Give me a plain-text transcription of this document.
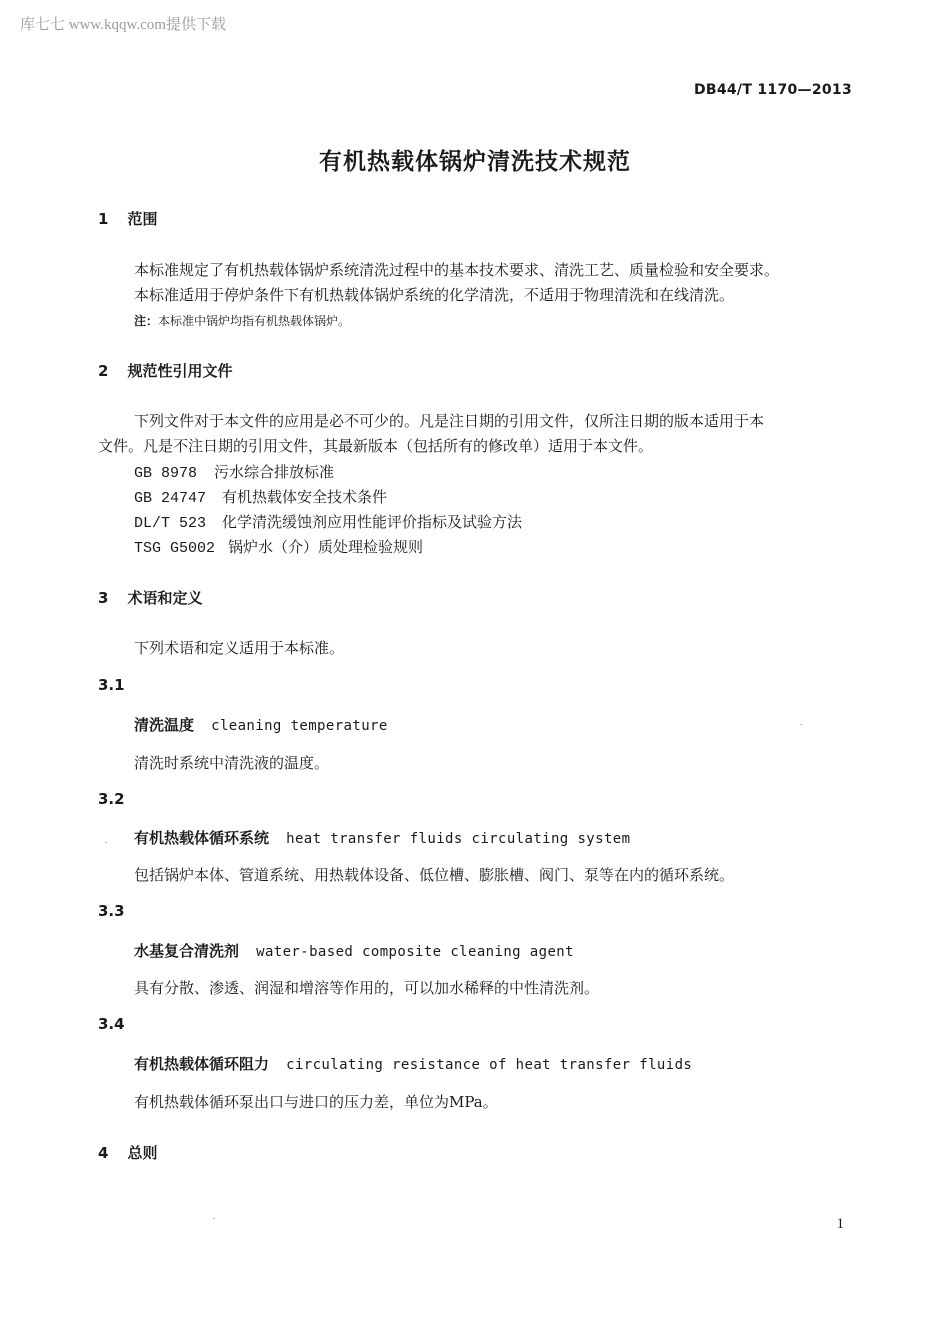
库七七 www.kqqw.com提供下载
DB44/T 1170—2013
有机热载体锅炉清洗技术规范
1 范围
本标准规定了有机热载体锅炉系统清洗过程中的基本技术要求、清洗工艺、质量检验和安全要求。
本标准适用于停炉条件下有机热载体锅炉系统的化学清洗，不适用于物理清洗和在线清洗。
注：本标准中锅炉均指有机热载体锅炉。
2 规范性引用文件
下列文件对于本文件的应用是必不可少的。凡是注日期的引用文件，仅所注日期的版本适用于本
文件。凡是不注日期的引用文件，其最新版本（包括所有的修改单）适用于本文件。
GB 8978 污水综合排放标准
GB 24747 有机热载体安全技术条件
DL/T 523 化学清洗缓蚀剂应用性能评价指标及试验方法
TSG G5002 锅炉水（介）质处理检验规则
3 术语和定义
下列术语和定义适用于本标准。
3.1
清洗温度 cleaning temperature
清洗时系统中清洗液的温度。
3.2
有机热载体循环系统 heat transfer fluids circulating system
包括锅炉本体、管道系统、用热载体设备、低位槽、膨胀槽、阀门、泵等在内的循环系统。
3.3
水基复合清洗剂 water-based composite cleaning agent
具有分散、渗透、润湿和增溶等作用的，可以加水稀释的中性清洗剂。
3.4
有机热载体循环阻力 circulating resistance of heat transfer fluids
有机热载体循环泵出口与进口的压力差，单位为MPa。
4 总则
1
